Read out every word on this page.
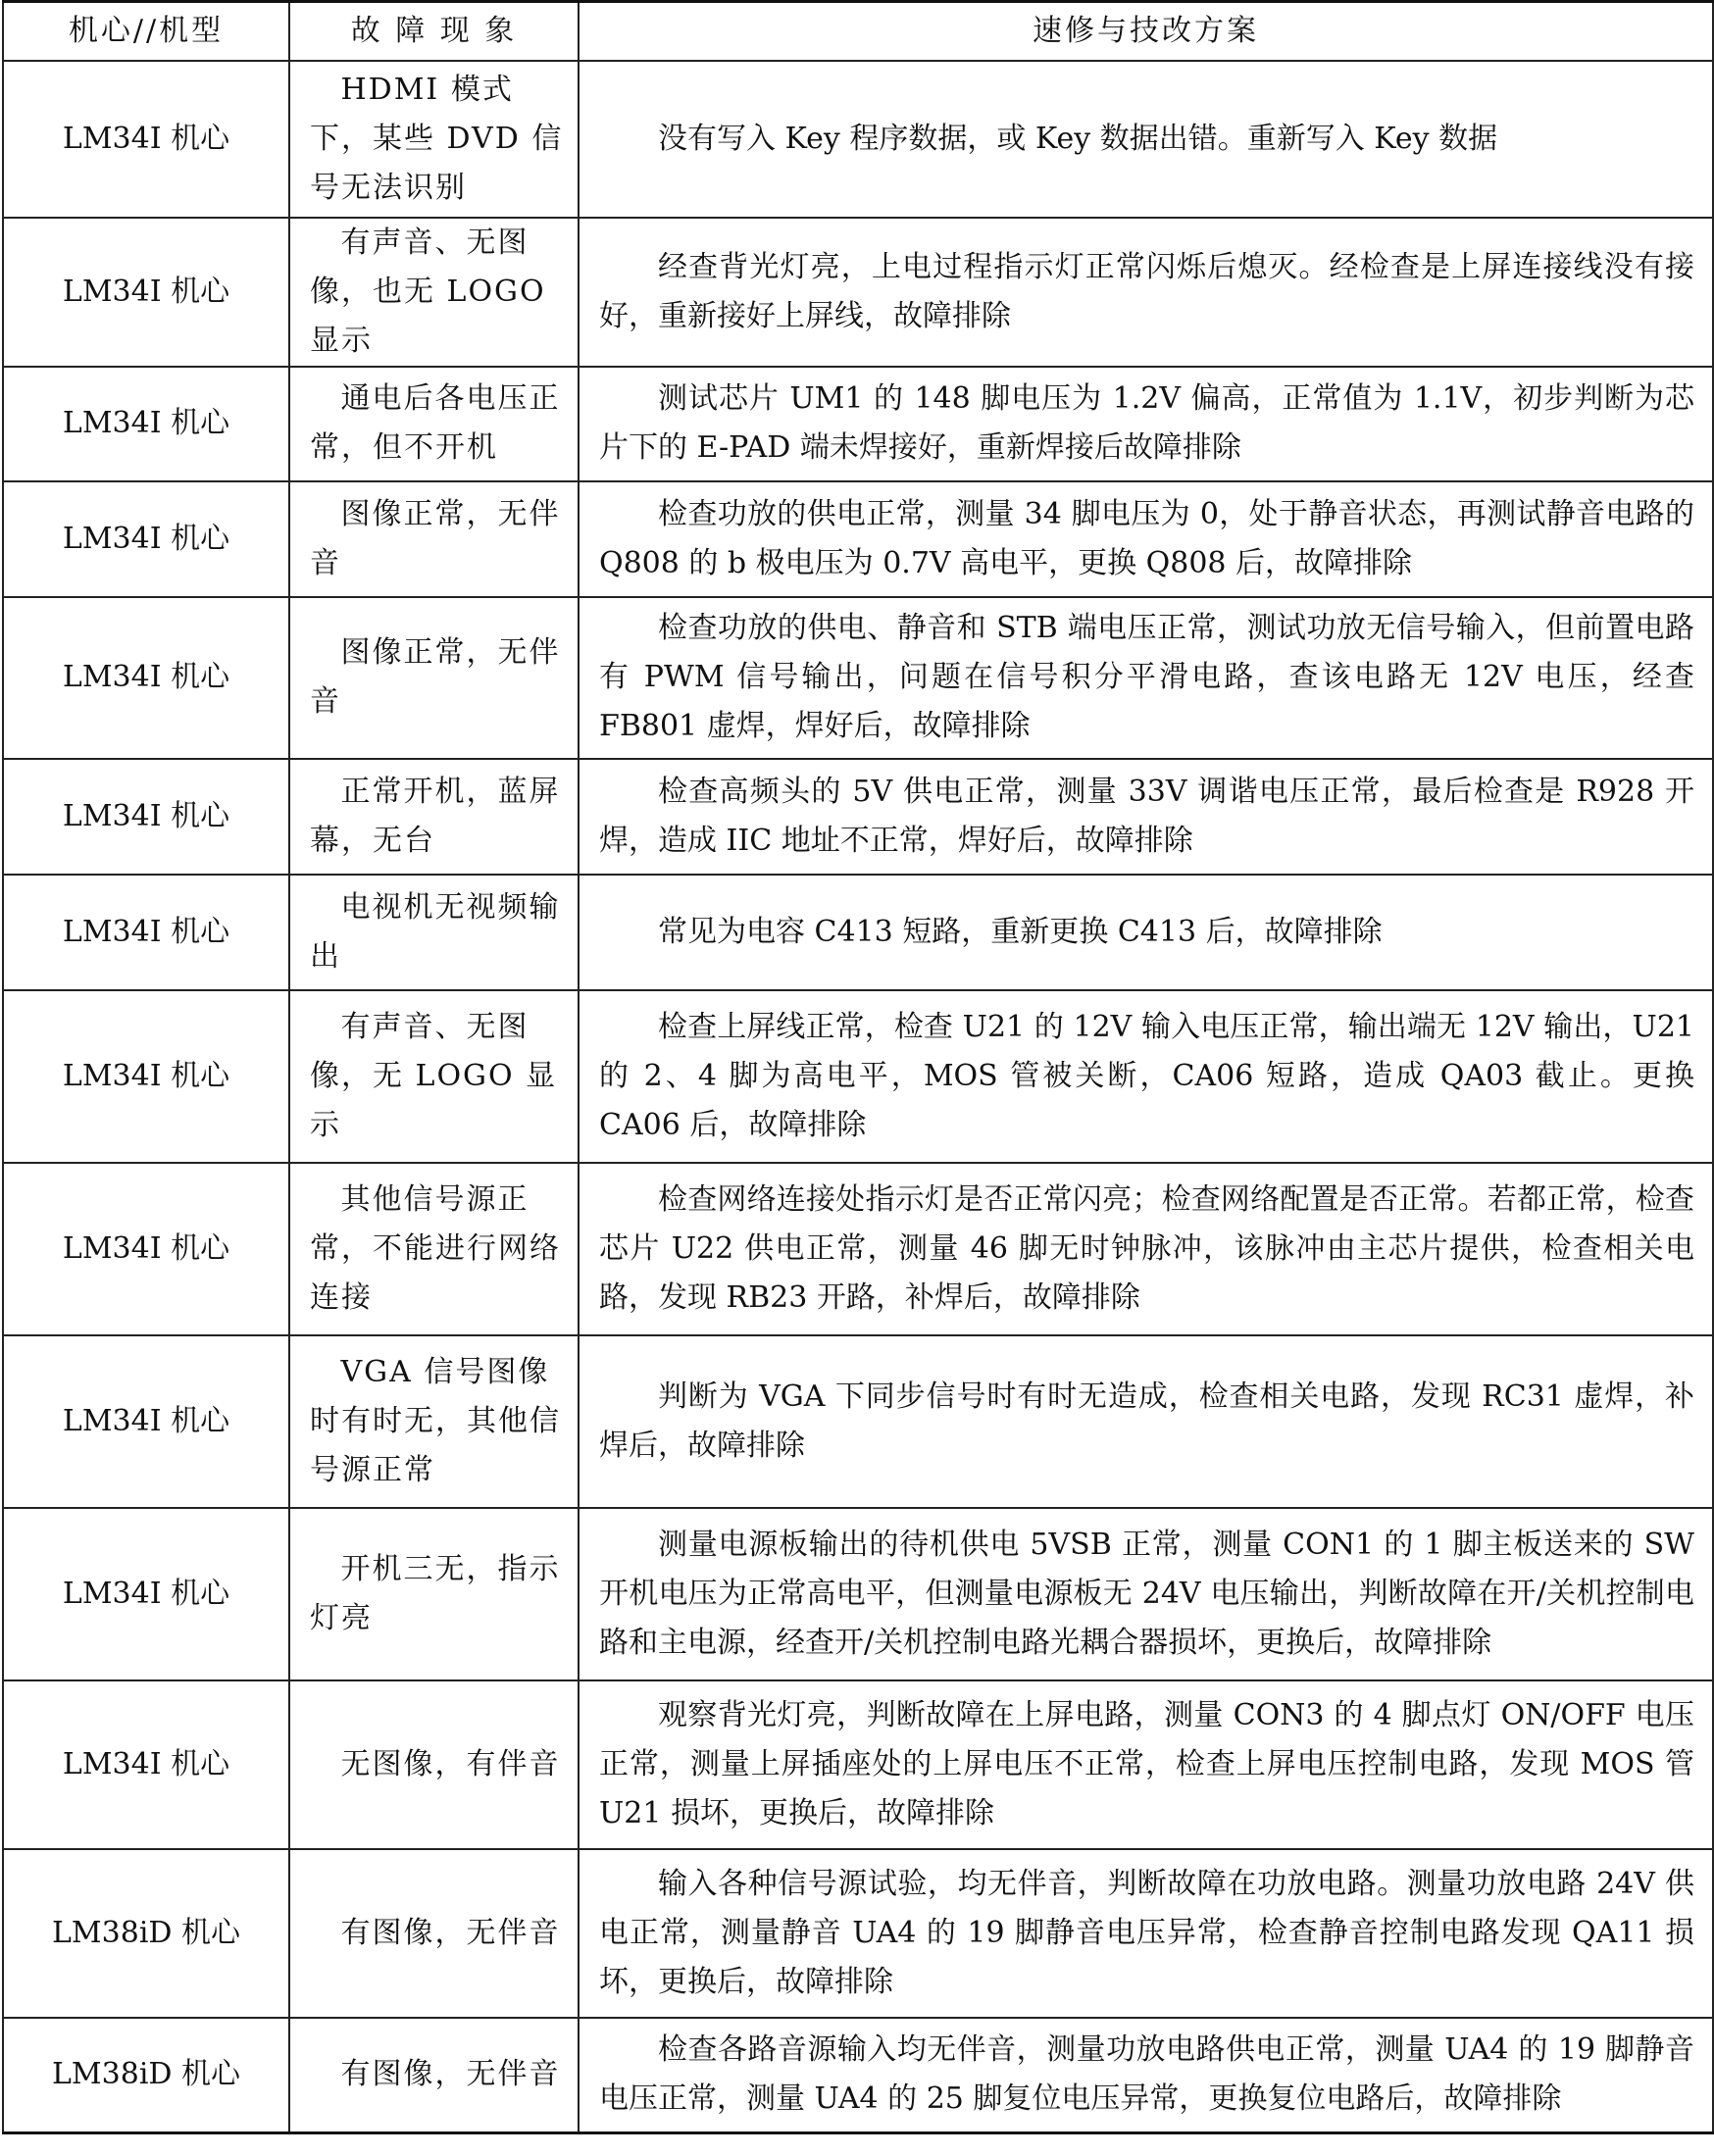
机心//机型	故 障 现 象	速修与技改方案
LM34I 机心	HDMI 模式下，某些 DVD 信号无法识别	没有写入 Key 程序数据，或 Key 数据出错。重新写入 Key 数据
LM34I 机心	有声音、无图像，也无 LOGO 显示	经查背光灯亮，上电过程指示灯正常闪烁后熄灭。经检查是上屏连接线没有接好，重新接好上屏线，故障排除
LM34I 机心	通电后各电压正常，但不开机	测试芯片 UM1 的 148 脚电压为 1.2V 偏高，正常值为 1.1V，初步判断为芯片下的 E-PAD 端未焊接好，重新焊接后故障排除
LM34I 机心	图像正常，无伴音	检查功放的供电正常，测量 34 脚电压为 0，处于静音状态，再测试静音电路的 Q808 的 b 极电压为 0.7V 高电平，更换 Q808 后，故障排除
LM34I 机心	图像正常，无伴音	检查功放的供电、静音和 STB 端电压正常，测试功放无信号输入，但前置电路有 PWM 信号输出，问题在信号积分平滑电路，查该电路无 12V 电压，经查 FB801 虚焊，焊好后，故障排除
LM34I 机心	正常开机，蓝屏幕，无台	检查高频头的 5V 供电正常，测量 33V 调谐电压正常，最后检查是 R928 开焊，造成 IIC 地址不正常，焊好后，故障排除
LM34I 机心	电视机无视频输出	常见为电容 C413 短路，重新更换 C413 后，故障排除
LM34I 机心	有声音、无图像，无 LOGO 显示	检查上屏线正常，检查 U21 的 12V 输入电压正常，输出端无 12V 输出，U21 的 2、4 脚为高电平，MOS 管被关断，CA06 短路，造成 QA03 截止。更换 CA06 后，故障排除
LM34I 机心	其他信号源正常，不能进行网络连接	检查网络连接处指示灯是否正常闪亮；检查网络配置是否正常。若都正常，检查芯片 U22 供电正常，测量 46 脚无时钟脉冲，该脉冲由主芯片提供，检查相关电路，发现 RB23 开路，补焊后，故障排除
LM34I 机心	VGA 信号图像时有时无，其他信号源正常	判断为 VGA 下同步信号时有时无造成，检查相关电路，发现 RC31 虚焊，补焊后，故障排除
LM34I 机心	开机三无，指示灯亮	测量电源板输出的待机供电 5VSB 正常，测量 CON1 的 1 脚主板送来的 SW 开机电压为正常高电平，但测量电源板无 24V 电压输出，判断故障在开/关机控制电路和主电源，经查开/关机控制电路光耦合器损坏，更换后，故障排除
LM34I 机心	无图像，有伴音	观察背光灯亮，判断故障在上屏电路，测量 CON3 的 4 脚点灯 ON/OFF 电压正常，测量上屏插座处的上屏电压不正常，检查上屏电压控制电路，发现 MOS 管 U21 损坏，更换后，故障排除
LM38iD 机心	有图像，无伴音	输入各种信号源试验，均无伴音，判断故障在功放电路。测量功放电路 24V 供电正常，测量静音 UA4 的 19 脚静音电压异常，检查静音控制电路发现 QA11 损坏，更换后，故障排除
LM38iD 机心	有图像，无伴音	检查各路音源输入均无伴音，测量功放电路供电正常，测量 UA4 的 19 脚静音电压正常，测量 UA4 的 25 脚复位电压异常，更换复位电路后，故障排除
